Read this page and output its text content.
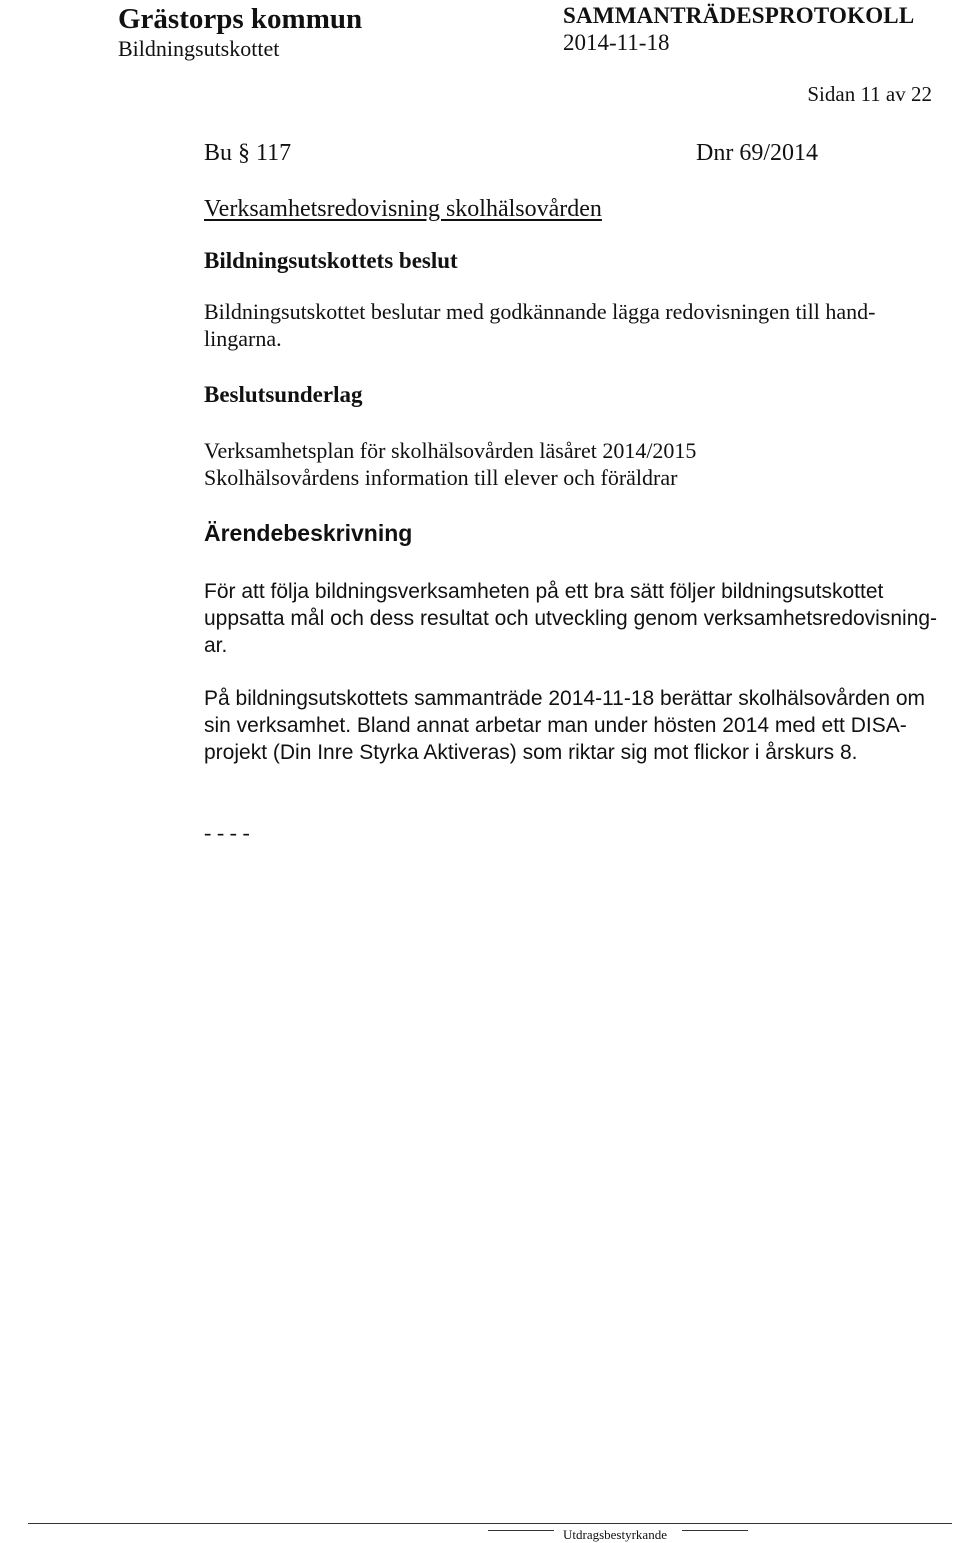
Grästorps kommun
Bildningsutskottet
SAMMANTRÄDESPROTOKOLL
2014-11-18
Sidan 11 av 22
Bu § 117	Dnr 69/2014
Verksamhetsredovisning skolhälsovården
Bildningsutskottets beslut
Bildningsutskottet beslutar med godkännande lägga redovisningen till hand-
lingarna.
Beslutsunderlag
Verksamhetsplan för skolhälsovården läsåret 2014/2015
Skolhälsovårdens information till elever och föräldrar
Ärendebeskrivning
För att följa bildningsverksamheten på ett bra sätt följer bildningsutskottet
uppsatta mål och dess resultat och utveckling genom verksamhetsredovisning-
ar.
På bildningsutskottets sammanträde 2014-11-18 berättar skolhälsovården om
sin verksamhet. Bland annat arbetar man under hösten 2014 med ett DISA-
projekt (Din Inre Styrka Aktiveras) som riktar sig mot flickor i årskurs 8.
- - - -
Utdragsbestyrkande
